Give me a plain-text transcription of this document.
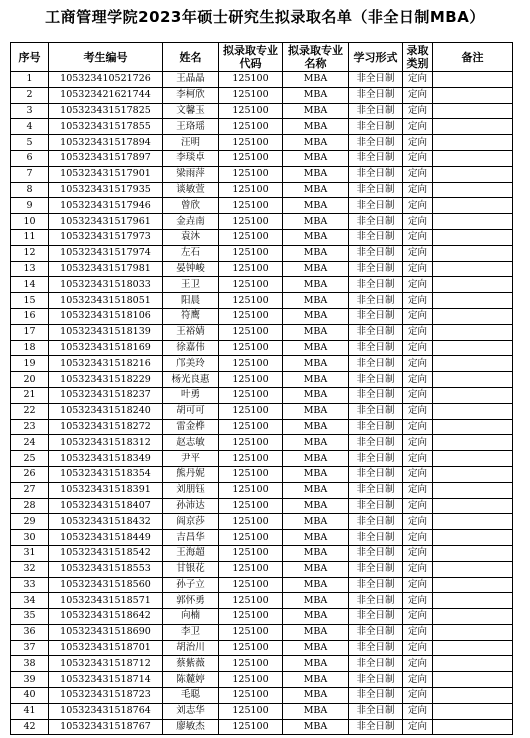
工商管理学院2023年硕士研究生拟录取名单（非全日制MBA）
序号	考生编号	姓名	拟录取专业代码	拟录取专业名称	学习形式	录取类别	备注
1	105323410521726	王晶晶	125100	MBA	非全日制	定向	
2	105323421621744	李柯欣	125100	MBA	非全日制	定向	
3	105323431517825	文馨玉	125100	MBA	非全日制	定向	
4	105323431517855	王珞瑶	125100	MBA	非全日制	定向	
5	105323431517894	汪明	125100	MBA	非全日制	定向	
6	105323431517897	李琰卓	125100	MBA	非全日制	定向	
7	105323431517901	梁雨萍	125100	MBA	非全日制	定向	
8	105323431517935	谈敏萱	125100	MBA	非全日制	定向	
9	105323431517946	曾欣	125100	MBA	非全日制	定向	
10	105323431517961	金垚南	125100	MBA	非全日制	定向	
11	105323431517973	袁沐	125100	MBA	非全日制	定向	
12	105323431517974	左石	125100	MBA	非全日制	定向	
13	105323431517981	晏钟峻	125100	MBA	非全日制	定向	
14	105323431518033	王卫	125100	MBA	非全日制	定向	
15	105323431518051	阳晨	125100	MBA	非全日制	定向	
16	105323431518106	符鹰	125100	MBA	非全日制	定向	
17	105323431518139	王裕婧	125100	MBA	非全日制	定向	
18	105323431518169	徐嘉伟	125100	MBA	非全日制	定向	
19	105323431518216	邝美玲	125100	MBA	非全日制	定向	
20	105323431518229	杨光良惠	125100	MBA	非全日制	定向	
21	105323431518237	叶勇	125100	MBA	非全日制	定向	
22	105323431518240	胡可可	125100	MBA	非全日制	定向	
23	105323431518272	雷金桦	125100	MBA	非全日制	定向	
24	105323431518312	赵志敏	125100	MBA	非全日制	定向	
25	105323431518349	尹平	125100	MBA	非全日制	定向	
26	105323431518354	熊丹妮	125100	MBA	非全日制	定向	
27	105323431518391	刘朋钰	125100	MBA	非全日制	定向	
28	105323431518407	孙沛达	125100	MBA	非全日制	定向	
29	105323431518432	阎京莎	125100	MBA	非全日制	定向	
30	105323431518449	吉昌华	125100	MBA	非全日制	定向	
31	105323431518542	王海超	125100	MBA	非全日制	定向	
32	105323431518553	甘银花	125100	MBA	非全日制	定向	
33	105323431518560	孙子立	125100	MBA	非全日制	定向	
34	105323431518571	郭怀勇	125100	MBA	非全日制	定向	
35	105323431518642	向楠	125100	MBA	非全日制	定向	
36	105323431518690	李卫	125100	MBA	非全日制	定向	
37	105323431518701	胡治川	125100	MBA	非全日制	定向	
38	105323431518712	蔡紫薇	125100	MBA	非全日制	定向	
39	105323431518714	陈麓婷	125100	MBA	非全日制	定向	
40	105323431518723	毛聪	125100	MBA	非全日制	定向	
41	105323431518764	刘志华	125100	MBA	非全日制	定向	
42	105323431518767	廖敏杰	125100	MBA	非全日制	定向	
